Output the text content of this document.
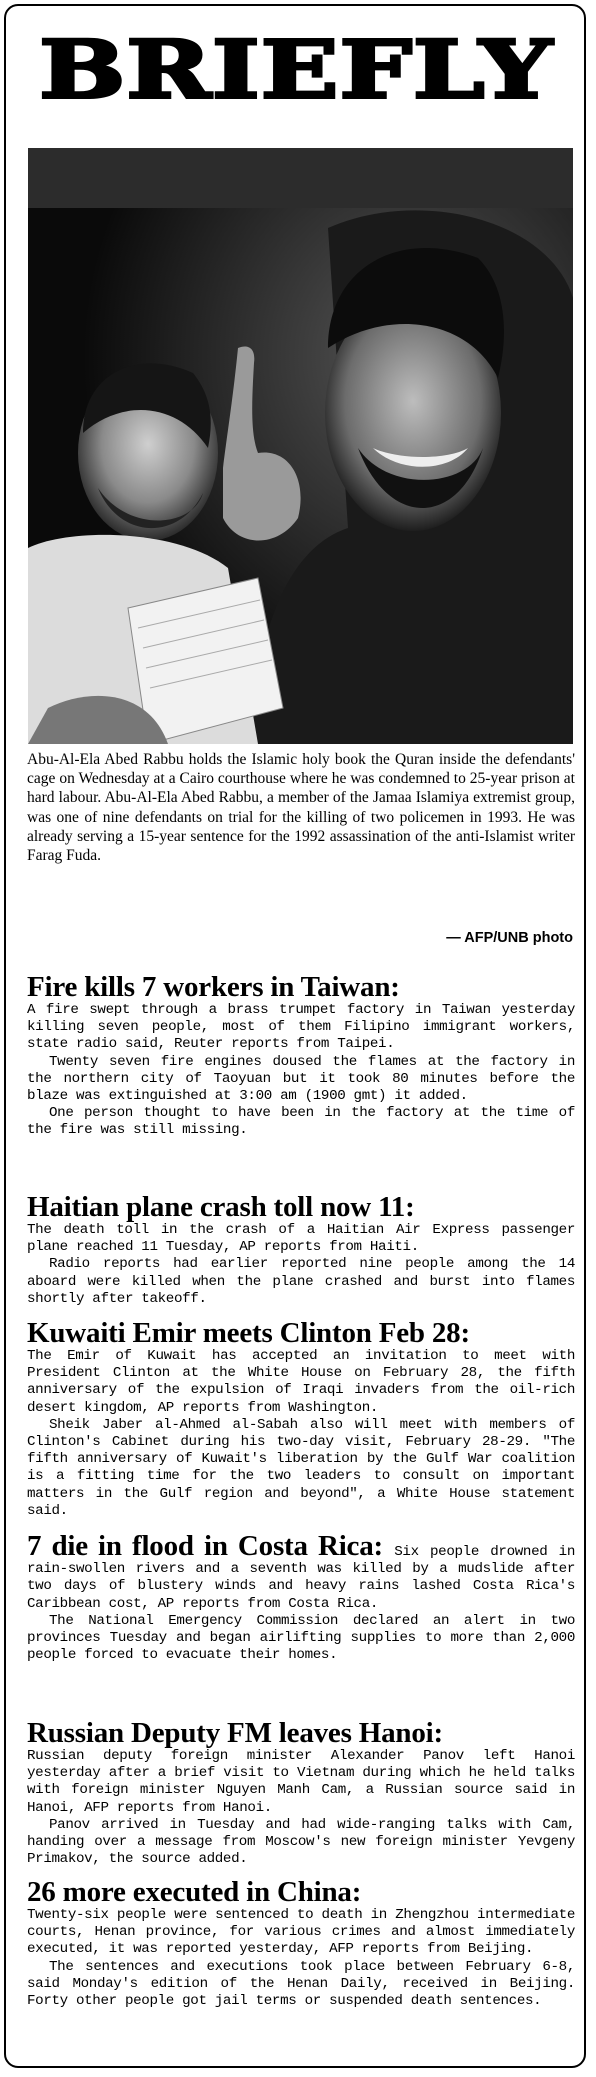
BRIEFLY

Abu-Al-Ela Abed Rabbu holds the Islamic holy book the Quran inside the defendants' cage on Wednesday at a Cairo courthouse where he was condemned to 25-year prison at hard labour. Abu-Al-Ela Abed Rabbu, a member of the Jamaa Islamiya extremist group, was one of nine defendants on trial for the killing of two policemen in 1993. He was already serving a 15-year sentence for the 1992 assassination of the anti-Islamist writer Farag Fuda.

— AFP/UNB photo
Fire kills 7 workers in Taiwan:

A fire swept through a brass trumpet factory in Taiwan yesterday killing seven people, most of them Filipino immigrant workers, state radio said, Reuter reports from Taipei.

Twenty seven fire engines doused the flames at the factory in the northern city of Taoyuan but it took 80 minutes before the blaze was extinguished at 3:00 am (1900 gmt) it added.

One person thought to have been in the factory at the time of the fire was still missing.

Haitian plane crash toll now 11:

The death toll in the crash of a Haitian Air Express passenger plane reached 11 Tuesday, AP reports from Haiti.

Radio reports had earlier reported nine people among the 14 aboard were killed when the plane crashed and burst into flames shortly after takeoff.

Kuwaiti Emir meets Clinton Feb 28:

The Emir of Kuwait has accepted an invitation to meet with President Clinton at the White House on February 28, the fifth anniversary of the expulsion of Iraqi invaders from the oil-rich desert kingdom, AP reports from Washington.

Sheik Jaber al-Ahmed al-Sabah also will meet with members of Clinton's Cabinet during his two-day visit, February 28-29. "The fifth anniversary of Kuwait's liberation by the Gulf War coalition is a fitting time for the two leaders to consult on important matters in the Gulf region and beyond", a White House statement said.

7 die in flood in Costa Rica: Six people drowned in rain-swollen rivers and a seventh was killed by a mudslide after two days of blustery winds and heavy rains lashed Costa Rica's Caribbean cost, AP reports from Costa Rica.

The National Emergency Commission declared an alert in two provinces Tuesday and began airlifting supplies to more than 2,000 people forced to evacuate their homes.

Russian Deputy FM leaves Hanoi:

Russian deputy foreign minister Alexander Panov left Hanoi yesterday after a brief visit to Vietnam during which he held talks with foreign minister Nguyen Manh Cam, a Russian source said in Hanoi, AFP reports from Hanoi.

Panov arrived in Tuesday and had wide-ranging talks with Cam, handing over a message from Moscow's new foreign minister Yevgeny Primakov, the source added.

26 more executed in China:

Twenty-six people were sentenced to death in Zhengzhou intermediate courts, Henan province, for various crimes and almost immediately executed, it was reported yesterday, AFP reports from Beijing.

The sentences and executions took place between February 6-8, said Monday's edition of the Henan Daily, received in Beijing. Forty other people got jail terms or suspended death sentences.
